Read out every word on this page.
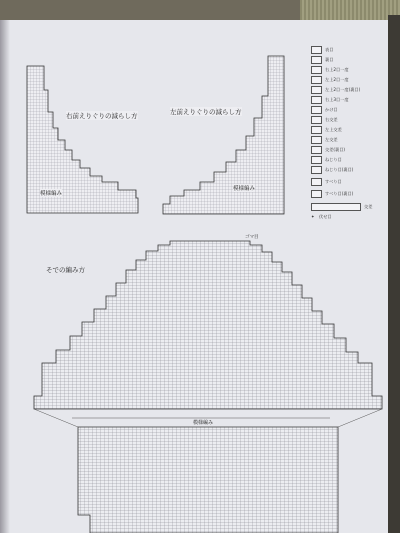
右前えりぐりの減らし方	左前えりぐりの減らし方
そでの編み方
模様編み
模様編み
模様編み
ゴマ目
表目
裏目
右上2目一度
左上2目一度
左上2目一度(裏目)
右上3目一度
かけ目
右交差
左上交差
左交差
交差(裏目)
ねじり目
ねじり目(裏目)
すべり目
すべり目(裏目)
交差
✦ 伏せ目
